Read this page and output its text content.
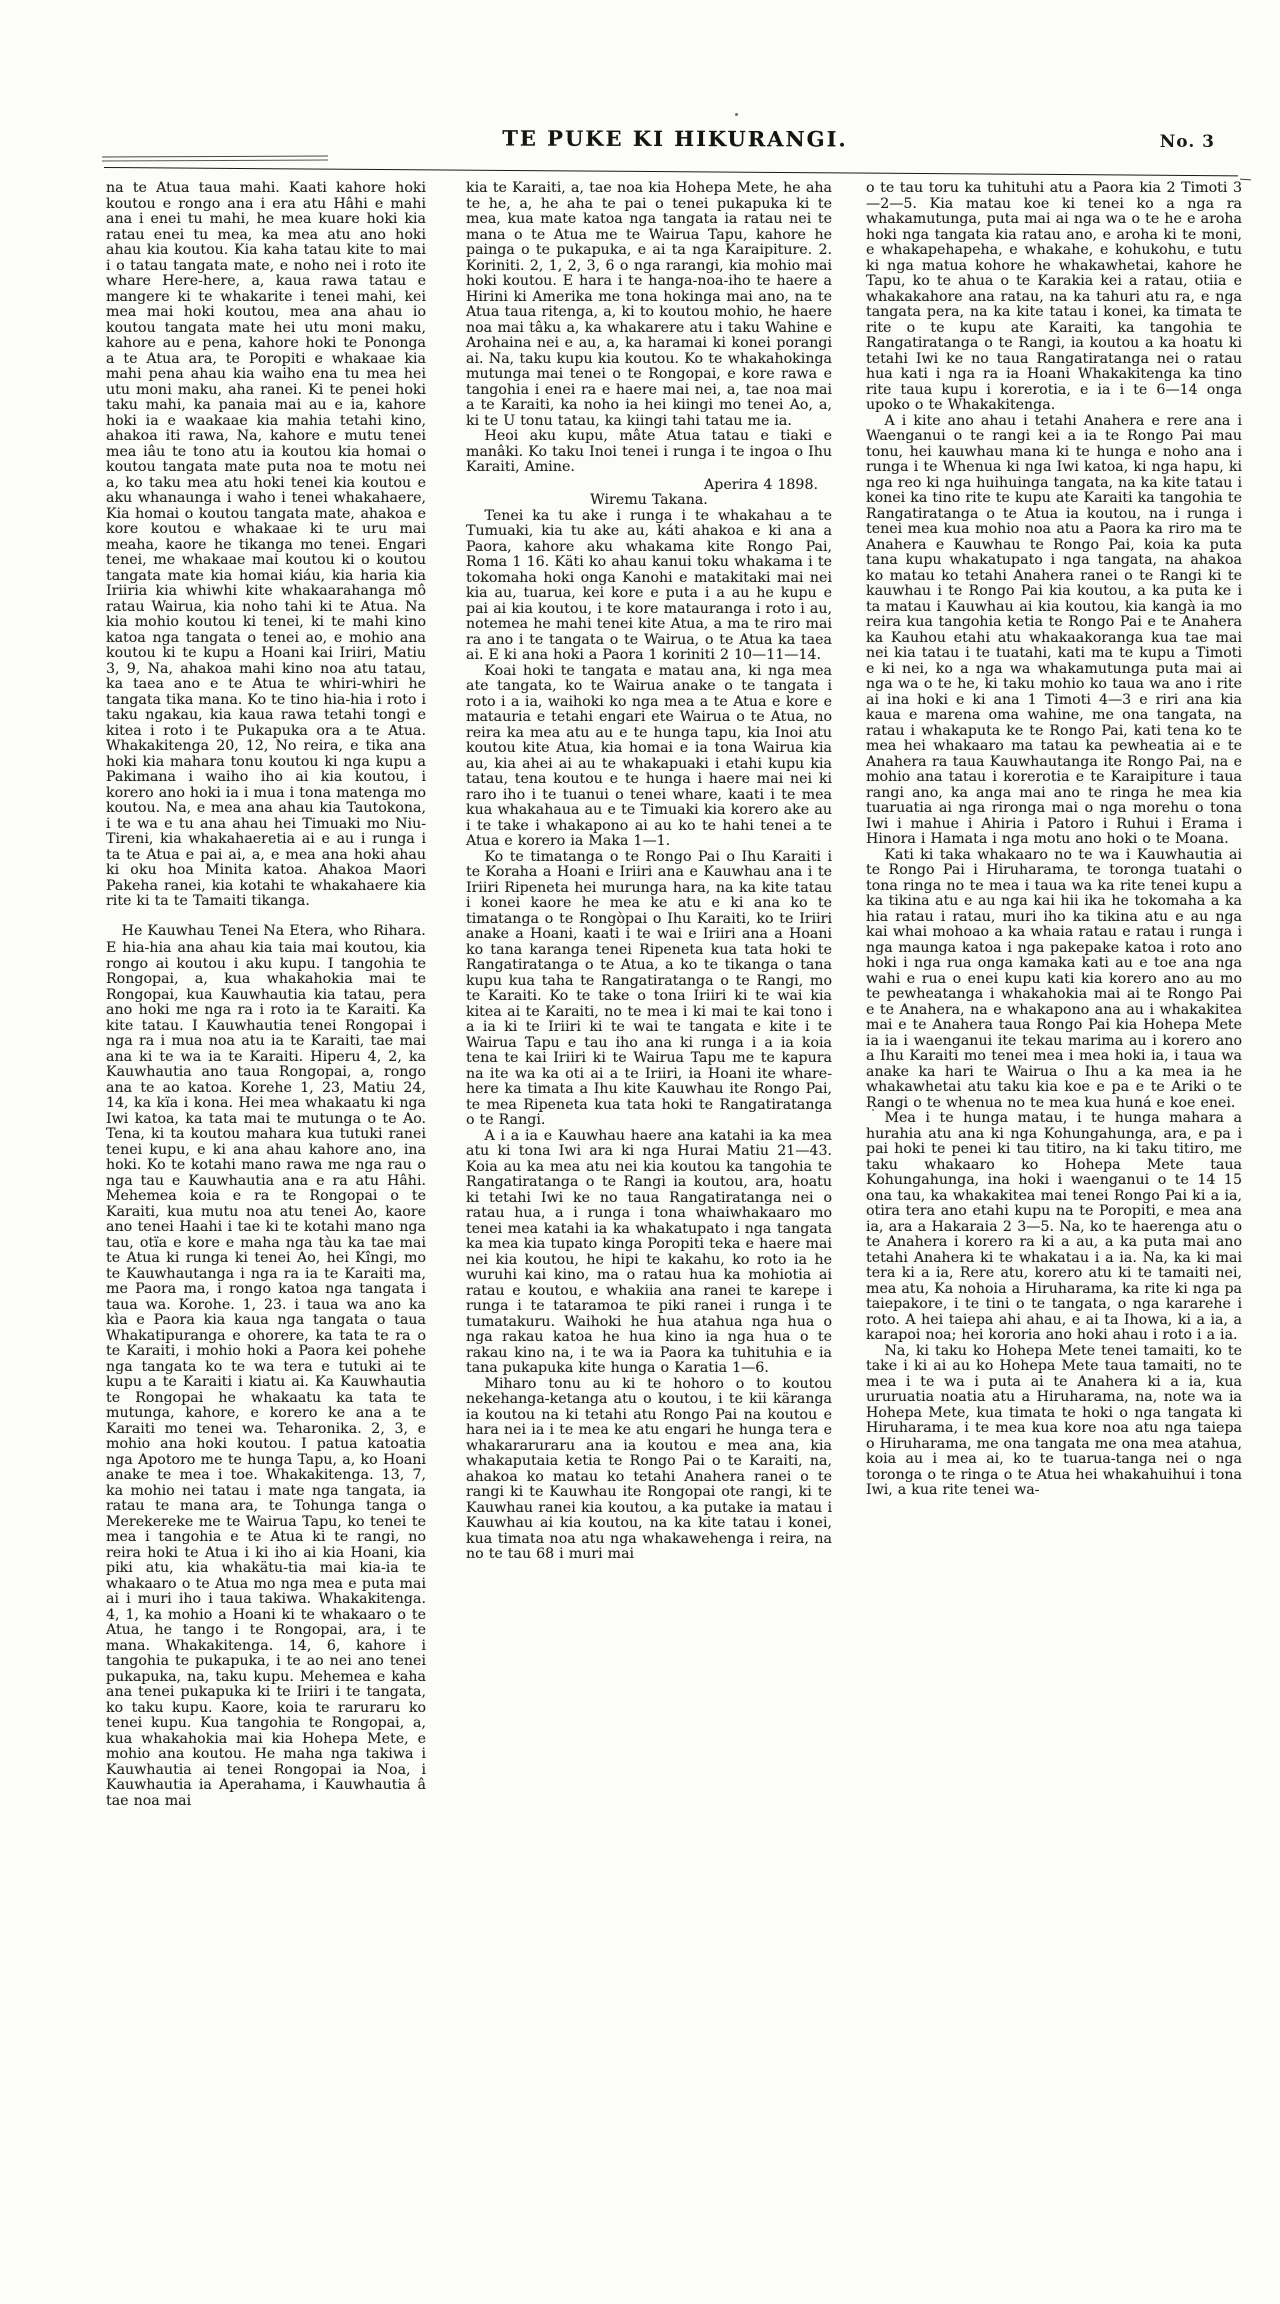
TE PUKE KI HIKURANGI.	No. 3

na te Atua taua mahi. Kaati kahore hoki koutou e rongo ana i era atu Hâhi e mahi ana i enei tu mahi, he mea kuare hoki kia ratau enei tu mea, ka mea atu ano hoki ahau kia koutou. Kia kaha tatau kite to mai i o tatau tangata mate, e noho nei i roto ite whare Here-here, a, kaua rawa tatau e mangere ki te whakarite i tenei mahi, kei mea mai hoki koutou, mea ana ahau io koutou tangata mate hei utu moni maku, kahore au e pena, kahore hoki te Pononga a te Atua ara, te Poropiti e whakaae kia mahi pena ahau kia waiho ena tu mea hei utu moni maku, aha ranei. Ki te penei hoki taku mahi, ka panaia mai au e ia, kahore hoki ia e waakaae kia mahia tetahi kino, ahakoa iti rawa, Na, kahore e mutu tenei mea iâu te tono atu ia koutou kia homai o koutou tangata mate puta noa te motu nei a, ko taku mea atu hoki tenei kia koutou e aku whanaunga i waho i tenei whakahaere, Kia homai o koutou tangata mate, ahakoa e kore koutou e whakaae ki te uru mai meaha, kaore he tikanga mo tenei. Engari tenei, me whakaae mai koutou ki o koutou tangata mate kia homai kiáu, kia haria kia Iriiria kia whiwhi kite whakaarahanga mô ratau Wairua, kia noho tahi ki te Atua. Na kia mohio koutou ki tenei, ki te mahi kino katoa nga tangata o tenei ao, e mohio ana koutou ki te kupu a Hoani kai Iriiri, Matiu 3, 9, Na, ahakoa mahi kino noa atu tatau, ka taea ano e te Atua te whiri-whiri he tangata tika mana. Ko te tino hia-hia i roto i taku ngakau, kia kaua rawa tetahi tongi e kitea i roto i te Pukapuka ora a te Atua. Whakakitenga 20, 12, No reira, e tika ana hoki kia mahara tonu koutou ki nga kupu a Pakimana i waiho iho ai kia koutou, i korero ano hoki ia i mua i tona matenga mo koutou. Na, e mea ana ahau kia Tautokona, i te wa e tu ana ahau hei Timuaki mo Niu-Tireni, kia whakahaeretia ai e au i runga i ta te Atua e pai ai, a, e mea ana hoki ahau ki oku hoa Minita katoa. Ahakoa Maori Pakeha ranei, kia kotahi te whakahaere kia rite ki ta te Tamaiti tikanga.

He Kauwhau Tenei Na Etera, who Rihara.

E hia-hia ana ahau kia taia mai koutou, kia rongo ai koutou i aku kupu. I tangohia te Rongopai, a, kua whakahokia mai te Rongopai, kua Kauwhautia kia tatau, pera ano hoki me nga ra i roto ia te Karaiti. Ka kite tatau. I Kauwhautia tenei Rongopai i nga ra i mua noa atu ia te Karaiti, tae mai ana ki te wa ia te Karaiti. Hiperu 4, 2, ka Kauwhautia ano taua Rongopai, a, rongo ana te ao katoa. Korehe 1, 23, Matiu 24, 14, ka kïa i kona. Hei mea whakaatu ki nga Iwi katoa, ka tata mai te mutunga o te Ao. Tena, ki ta koutou mahara kua tutuki ranei tenei kupu, e ki ana ahau kahore ano, ina hoki. Ko te kotahi mano rawa me nga rau o nga tau e Kauwhautia ana e ra atu Hâhi. Mehemea koia e ra te Rongopai o te Karaiti, kua mutu noa atu tenei Ao, kaore ano tenei Haahi i tae ki te kotahi mano nga tau, otïa e kore e maha nga tàu ka tae mai te Atua ki runga ki tenei Ao, hei Kîngi, mo te Kauwhautanga i nga ra ia te Karaiti ma, me Paora ma, i rongo katoa nga tangata i taua wa. Korohe. 1, 23. i taua wa ano ka kìa e Paora kia kaua nga tangata o taua Whakatipuranga e ohorere, ka tata te ra o te Karaiti, i mohio hoki a Paora kei pohehe nga tangata ko te wa tera e tutuki ai te kupu a te Karaiti i kiatu ai. Ka Kauwhautia te Rongopai he whakaatu ka tata te mutunga, kahore, e korero ke ana a te Karaiti mo tenei wa. Teharonika. 2, 3, e mohio ana hoki koutou. I patua katoatia nga Apotoro me te hunga Tapu, a, ko Hoani anake te mea i toe. Whakakitenga. 13, 7, ka mohio nei tatau i mate nga tangata, ia ratau te mana ara, te Tohunga tanga o Merekereke me te Wairua Tapu, ko tenei te mea i tangohia e te Atua ki te rangi, no reira hoki te Atua i ki iho ai kia Hoani, kia piki atu, kia whakätu-tia mai kia-ia te whakaaro o te Atua mo nga mea e puta mai ai i muri iho i taua takiwa. Whakakitenga. 4, 1, ka mohio a Hoani ki te whakaaro o te Atua, he tango i te Rongopai, ara, i te mana. Whakakitenga. 14, 6, kahore i tangohia te pukapuka, i te ao nei ano tenei pukapuka, na, taku kupu. Mehemea e kaha ana tenei pukapuka ki te Iriiri i te tangata, ko taku kupu. Kaore, koia te raruraru ko tenei kupu. Kua tangohia te Rongopai, a, kua whakahokia mai kia Hohepa Mete, e mohio ana koutou. He maha nga takiwa i Kauwhautia ai tenei Rongopai ia Noa, i Kauwhautia ia Aperahama, i Kauwhautia â tae noa mai

kia te Karaiti, a, tae noa kia Hohepa Mete, he aha te he, a, he aha te pai o tenei pukapuka ki te mea, kua mate katoa nga tangata ia ratau nei te mana o te Atua me te Wairua Tapu, kahore he painga o te pukapuka, e ai ta nga Karaipiture. 2. Koriniti. 2, 1, 2, 3, 6 o nga rarangi, kia mohio mai hoki koutou. E hara i te hanga-noa-iho te haere a Hirini ki Amerika me tona hokinga mai ano, na te Atua taua ritenga, a, ki to koutou mohio, he haere noa mai tâku a, ka whakarere atu i taku Wahine e Arohaina nei e au, a, ka haramai ki konei porangi ai. Na, taku kupu kia koutou. Ko te whakahokinga mutunga mai tenei o te Rongopai, e kore rawa e tangohia i enei ra e haere mai nei, a, tae noa mai a te Karaiti, ka noho ia hei kiingi mo tenei Ao, a, ki te U tonu tatau, ka kiingi tahi tatau me ia.

Heoi aku kupu, mâte Atua tatau e tiaki e manâki. Ko taku Inoi tenei i runga i te ingoa o Ihu Karaiti, Amine.

Aperira 4 1898.

Wiremu Takana.

Tenei ka tu ake i runga i te whakahau a te Tumuaki, kia tu ake au, káti ahakoa e ki ana a Paora, kahore aku whakama kite Rongo Pai, Roma 1 16. Käti ko ahau kanui toku whakama i te tokomaha hoki onga Kanohi e matakitaki mai nei kia au, tuarua, kei kore e puta i a au he kupu e pai ai kia koutou, i te kore matauranga i roto i au, notemea he mahi tenei kite Atua, a ma te riro mai ra ano i te tangata o te Wairua, o te Atua ka taea ai. E ki ana hoki a Paora 1 koriniti 2 10—11—14.

Koai hoki te tangata e matau ana, ki nga mea ate tangata, ko te Wairua anake o te tangata i roto i a ia, waihoki ko nga mea a te Atua e kore e matauria e tetahi engari ete Wairua o te Atua, no reira ka mea atu au e te hunga tapu, kia Inoi atu koutou kite Atua, kia homai e ia tona Wairua kia au, kia ahei ai au te whakapuaki i etahi kupu kia tatau, tena koutou e te hunga i haere mai nei ki raro iho i te tuanui o tenei whare, kaati i te mea kua whakahaua au e te Timuaki kia korero ake au i te take i whakapono ai au ko te hahi tenei a te Atua e korero ia Maka 1—1.

Ko te timatanga o te Rongo Pai o Ihu Karaiti i te Koraha a Hoani e Iriiri ana e Kauwhau ana i te Iriiri Ripeneta hei murunga hara, na ka kite tatau i konei kaore he mea ke atu e ki ana ko te timatanga o te Rongòpai o Ihu Karaiti, ko te Iriiri anake a Hoani, kaati i te wai e Iriiri ana a Hoani ko tana karanga tenei Ripeneta kua tata hoki te Rangatiratanga o te Atua, a ko te tikanga o tana kupu kua taha te Rangatiratanga o te Rangi, mo te Karaiti. Ko te take o tona Iriiri ki te wai kia kitea ai te Karaiti, no te mea i ki mai te kai tono i a ia ki te Iriiri ki te wai te tangata e kite i te Wairua Tapu e tau iho ana ki runga i a ia koia tena te kai Iriiri ki te Wairua Tapu me te kapura na ite wa ka oti ai a te Iriiri, ia Hoani ite whare-here ka timata a Ihu kite Kauwhau ite Rongo Pai, te mea Ripeneta kua tata hoki te Rangatiratanga o te Rangi.

A i a ia e Kauwhau haere ana katahi ia ka mea atu ki tona Iwi ara ki nga Hurai Matiu 21—43. Koia au ka mea atu nei kia koutou ka tangohia te Rangatiratanga o te Rangi ia koutou, ara, hoatu ki tetahi Iwi ke no taua Rangatiratanga nei o ratau hua, a i runga i tona whaiwhakaaro mo tenei mea katahi ia ka whakatupato i nga tangata ka mea kia tupato kinga Poropiti teka e haere mai nei kia koutou, he hipi te kakahu, ko roto ia he wuruhi kai kino, ma o ratau hua ka mohiotia ai ratau e koutou, e whakiia ana ranei te karepe i runga i te tataramoa te piki ranei i runga i te tumatakuru. Waihoki he hua atahua nga hua o nga rakau katoa he hua kino ia nga hua o te rakau kino na, i te wa ia Paora ka tuhituhia e ia tana pukapuka kite hunga o Karatia 1—6.

Miharo tonu au ki te hohoro o to koutou nekehanga-ketanga atu o koutou, i te kii käranga ia koutou na ki tetahi atu Rongo Pai na koutou e hara nei ia i te mea ke atu engari he hunga tera e whakararuraru ana ia koutou e mea ana, kia whakaputaia ketia te Rongo Pai o te Karaiti, na, ahakoa ko matau ko tetahi Anahera ranei o te rangi ki te Kauwhau ite Rongopai ote rangi, ki te Kauwhau ranei kia koutou, a ka putake ia matau i Kauwhau ai kia koutou, na ka kite tatau i konei, kua timata noa atu nga whakawehenga i reira, na no te tau 68 i muri mai

o te tau toru ka tuhituhi atu a Paora kia 2 Timoti 3—2—5. Kia matau koe ki tenei ko a nga ra whakamutunga, puta mai ai nga wa o te he e aroha hoki nga tangata kia ratau ano, e aroha ki te moni, e whakapehapeha, e whakahe, e kohukohu, e tutu ki nga matua kohore he whakawhetai, kahore he Tapu, ko te ahua o te Karakia kei a ratau, otiia e whakakahore ana ratau, na ka tahuri atu ra, e nga tangata pera, na ka kite tatau i konei, ka timata te rite o te kupu ate Karaiti, ka tangohia te Rangatiratanga o te Rangi, ia koutou a ka hoatu ki tetahi Iwi ke no taua Rangatiratanga nei o ratau hua kati i nga ra ia Hoani Whakakitenga ka tino rite taua kupu i korerotia, e ia i te 6—14 onga upoko o te Whakakitenga.

A i kite ano ahau i tetahi Anahera e rere ana i Waenganui o te rangi kei a ia te Rongo Pai mau tonu, hei kauwhau mana ki te hunga e noho ana i runga i te Whenua ki nga Iwi katoa, ki nga hapu, ki nga reo ki nga huihuinga tangata, na ka kite tatau i konei ka tino rite te kupu ate Karaiti ka tangohia te Rangatiratanga o te Atua ia koutou, na i runga i tenei mea kua mohio noa atu a Paora ka riro ma te Anahera e Kauwhau te Rongo Pai, koia ka puta tana kupu whakatupato i nga tangata, na ahakoa ko matau ko tetahi Anahera ranei o te Rangi ki te kauwhau i te Rongo Pai kia koutou, a ka puta ke i ta matau i Kauwhau ai kia koutou, kia kangà ia mo reira kua tangohia ketia te Rongo Pai e te Anahera ka Kauhou etahi atu whakaakoranga kua tae mai nei kia tatau i te tuatahi, kati ma te kupu a Timoti e ki nei, ko a nga wa whakamutunga puta mai ai nga wa o te he, ki taku mohio ko taua wa ano i rite ai ina hoki e ki ana 1 Timoti 4—3 e riri ana kia kaua e marena oma wahine, me ona tangata, na ratau i whakaputa ke te Rongo Pai, kati tena ko te mea hei whakaaro ma tatau ka pewheatia ai e te Anahera ra taua Kauwhautanga ite Rongo Pai, na e mohio ana tatau i korerotia e te Karaipiture i taua rangi ano, ka anga mai ano te ringa he mea kia tuaruatia ai nga rironga mai o nga morehu o tona Iwi i mahue i Ahiria i Patoro i Ruhui i Erama i Hinora i Hamata i nga motu ano hoki o te Moana.

Kati ki taka whakaaro no te wa i Kauwhautia ai te Rongo Pai i Hiruharama, te toronga tuatahi o tona ringa no te mea i taua wa ka rite tenei kupu a ka tikina atu e au nga kai hii ika he tokomaha a ka hia ratau i ratau, muri iho ka tikina atu e au nga kai whai mohoao a ka whaia ratau e ratau i runga i nga maunga katoa i nga pakepake katoa i roto ano hoki i nga rua onga kamaka kati au e toe ana nga wahi e rua o enei kupu kati kia korero ano au mo te pewheatanga i whakahokia mai ai te Rongo Pai e te Anahera, na e whakapono ana au i whakakitea mai e te Anahera taua Rongo Pai kia Hohepa Mete ia ia i waenganui ite tekau marima au i korero ano a Ihu Karaiti mo tenei mea i mea hoki ia, i taua wa anake ka hari te Wairua o Ihu a ka mea ia he whakawhetai atu taku kia koe e pa e te Ariki o te Rangi o te whenua no te mea kua huná e koe enei.

Mea i te hunga matau, i te hunga mahara a hurahia atu ana ki nga Kohungahunga, ara, e pa i pai hoki te penei ki tau titiro, na ki taku titiro, me taku whakaaro ko Hohepa Mete taua Kohungahunga, ina hoki i waenganui o te 14 15 ona tau, ka whakakitea mai tenei Rongo Pai ki a ia, otira tera ano etahi kupu na te Poropiti, e mea ana ia, ara a Hakaraia 2 3—5. Na, ko te haerenga atu o te Anahera i korero ra ki a au, a ka puta mai ano tetahi Anahera ki te whakatau i a ia. Na, ka ki mai tera ki a ia, Rere atu, korero atu ki te tamaiti nei, mea atu, Ka nohoia a Hiruharama, ka rite ki nga pa taiepakore, i te tini o te tangata, o nga kararehe i roto. A hei taiepa ahi ahau, e ai ta Ihowa, ki a ia, a karapoi noa; hei kororia ano hoki ahau i roto i a ia.

Na, ki taku ko Hohepa Mete tenei tamaiti, ko te take i ki ai au ko Hohepa Mete taua tamaiti, no te mea i te wa i puta ai te Anahera ki a ia, kua ururuatia noatia atu a Hiruharama, na, note wa ia Hohepa Mete, kua timata te hoki o nga tangata ki Hiruharama, i te mea kua kore noa atu nga taiepa o Hiruharama, me ona tangata me ona mea atahua, koia au i mea ai, ko te tuarua-tanga nei o nga toronga o te ringa o te Atua hei whakahuihui i tona Iwi, a kua rite tenei wa-
